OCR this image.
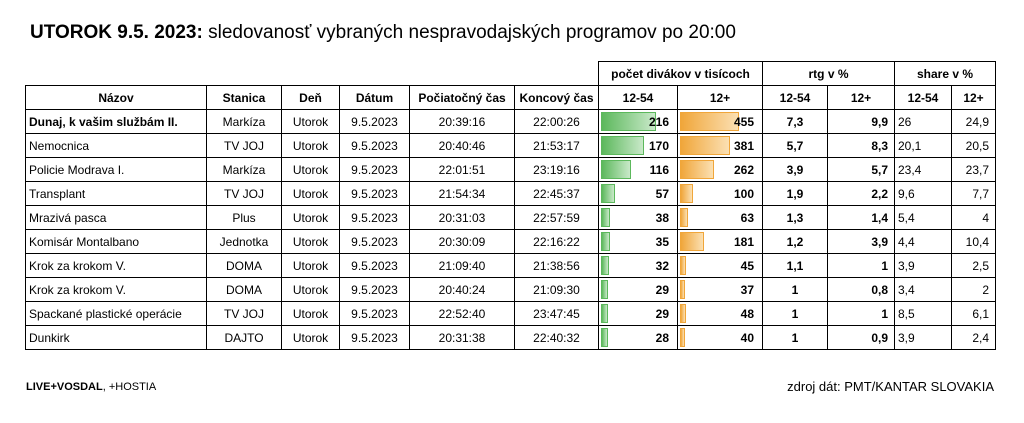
UTOROK 9.5. 2023: sledovanosť vybraných nespravodajských programov po 20:00
						počet divákov v tisícoch		rtg v %		share v %	
Názov	Stanica	Deň	Dátum	Počiatočný čas	Koncový čas	12-54	12+	12-54	12+	12-54	12+
Dunaj, k vašim službám II.	Markíza	Utorok	9.5.2023	20:39:16	22:00:26	216	455	7,3	9,9	26	24,9
Nemocnica	TV JOJ	Utorok	9.5.2023	20:40:46	21:53:17	170	381	5,7	8,3	20,1	20,5
Policie Modrava I.	Markíza	Utorok	9.5.2023	22:01:51	23:19:16	116	262	3,9	5,7	23,4	23,7
Transplant	TV JOJ	Utorok	9.5.2023	21:54:34	22:45:37	57	100	1,9	2,2	9,6	7,7
Mrazivá pasca	Plus	Utorok	9.5.2023	20:31:03	22:57:59	38	63	1,3	1,4	5,4	4
Komisár Montalbano	Jednotka	Utorok	9.5.2023	20:30:09	22:16:22	35	181	1,2	3,9	4,4	10,4
Krok za krokom V.	DOMA	Utorok	9.5.2023	21:09:40	21:38:56	32	45	1,1	1	3,9	2,5
Krok za krokom V.	DOMA	Utorok	9.5.2023	20:40:24	21:09:30	29	37	1	0,8	3,4	2
Spackané plastické operácie	TV JOJ	Utorok	9.5.2023	22:52:40	23:47:45	29	48	1	1	8,5	6,1
Dunkirk	DAJTO	Utorok	9.5.2023	20:31:38	22:40:32	28	40	1	0,9	3,9	2,4
LIVE+VOSDAL, +HOSTIA	zdroj dát: PMT/KANTAR SLOVAKIA
